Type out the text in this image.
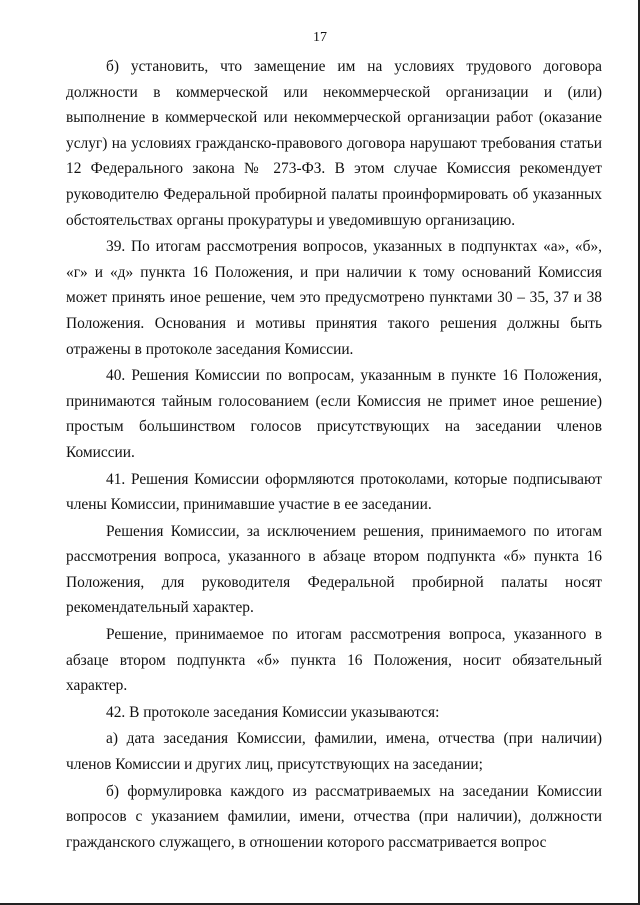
17

б) установить, что замещение им на условиях трудового договора должности в коммерческой или некоммерческой организации и (или) выполнение в коммерческой или некоммерческой организации работ (оказание услуг) на условиях гражданско-правового договора нарушают требования статьи 12 Федерального закона № 273-ФЗ. В этом случае Комиссия рекомендует руководителю Федеральной пробирной палаты проинформировать об указанных обстоятельствах органы прокуратуры и уведомившую организацию.

39. По итогам рассмотрения вопросов, указанных в подпунктах «а», «б», «г» и «д» пункта 16 Положения, и при наличии к тому оснований Комиссия может принять иное решение, чем это предусмотрено пунктами 30 – 35, 37 и 38 Положения. Основания и мотивы принятия такого решения должны быть отражены в протоколе заседания Комиссии.

40. Решения Комиссии по вопросам, указанным в пункте 16 Положения, принимаются тайным голосованием (если Комиссия не примет иное решение) простым большинством голосов присутствующих на заседании членов Комиссии.

41. Решения Комиссии оформляются протоколами, которые подписывают члены Комиссии, принимавшие участие в ее заседании.

Решения Комиссии, за исключением решения, принимаемого по итогам рассмотрения вопроса, указанного в абзаце втором подпункта «б» пункта 16 Положения, для руководителя Федеральной пробирной палаты носят рекомендательный характер.

Решение, принимаемое по итогам рассмотрения вопроса, указанного в абзаце втором подпункта «б» пункта 16 Положения, носит обязательный характер.

42. В протоколе заседания Комиссии указываются:

а) дата заседания Комиссии, фамилии, имена, отчества (при наличии) членов Комиссии и других лиц, присутствующих на заседании;

б) формулировка каждого из рассматриваемых на заседании Комиссии вопросов с указанием фамилии, имени, отчества (при наличии), должности гражданского служащего, в отношении которого рассматривается вопрос
